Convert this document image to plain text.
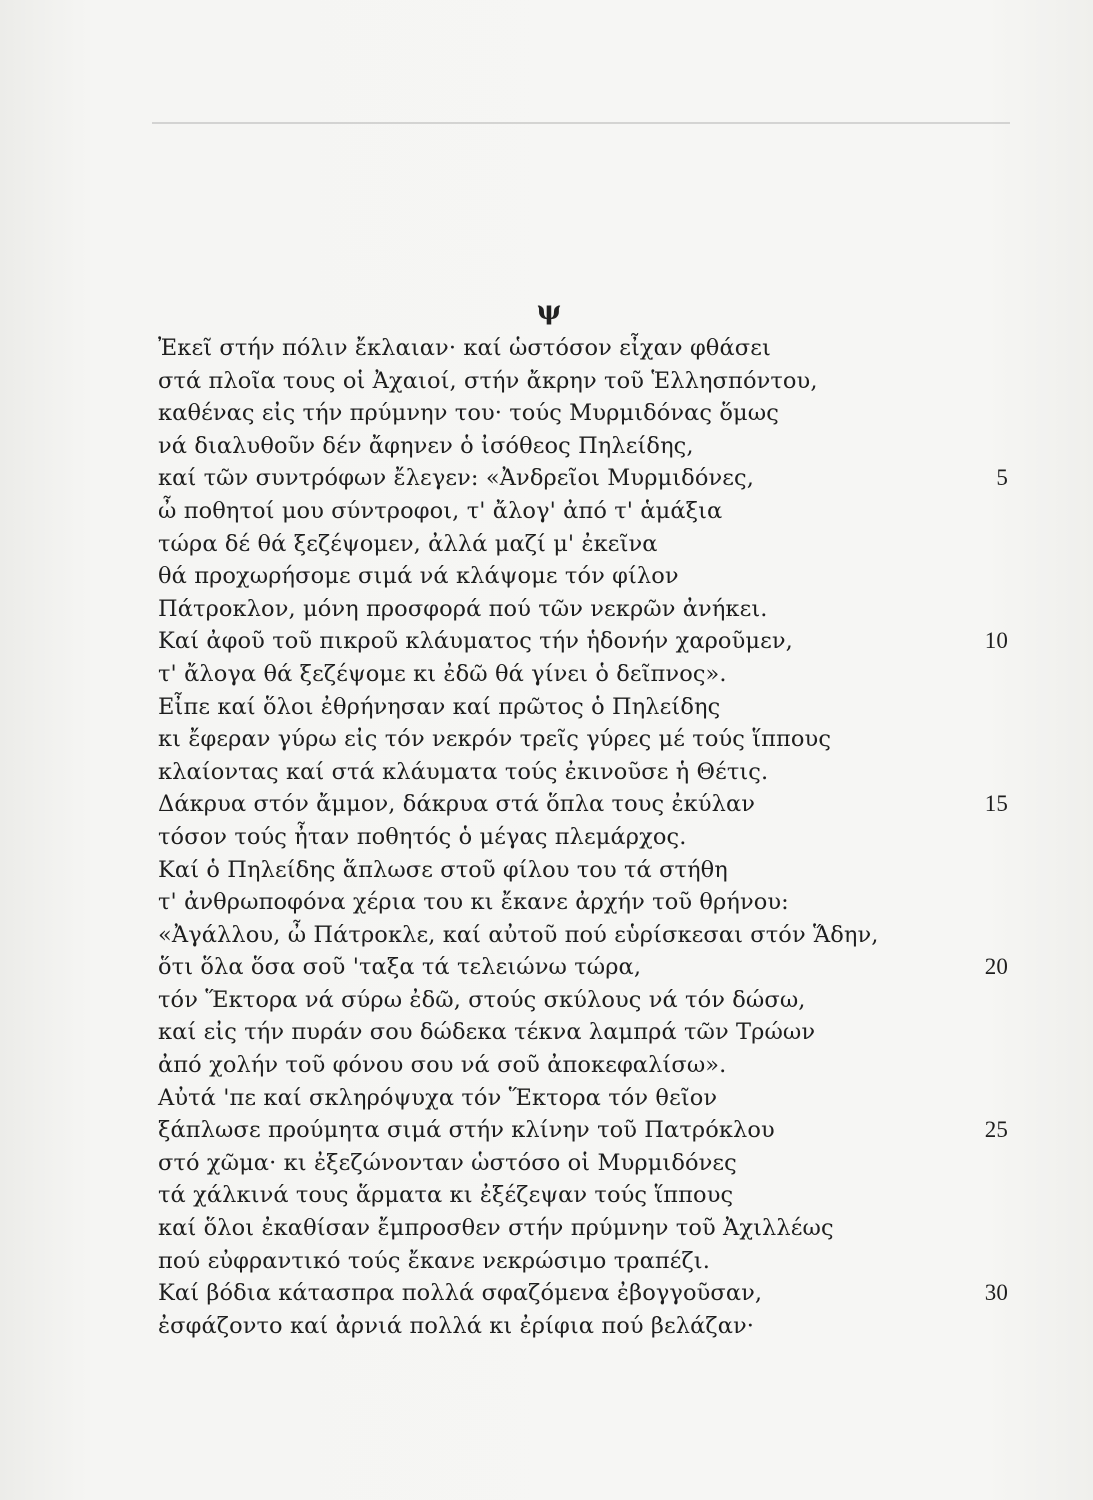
ψ
Ἐκεῖ στήν πόλιν ἔκλαιαν· καί ὡστόσον εἶχαν φθάσει
στά πλοῖα τους οἱ Ἀχαιοί, στήν ἄκρην τοῦ Ἑλλησπόντου,
καθένας εἰς τήν πρύμνην του· τούς Μυρμιδόνας ὅμως
νά διαλυθοῦν δέν ἄφηνεν ὁ ἰσόθεος Πηλείδης,
καί τῶν συντρόφων ἔλεγεν: «Ἀνδρεῖοι Μυρμιδόνες,	5
ὦ ποθητοί μου σύντροφοι, τ' ἄλογ' ἀπό τ' ἁμάξια
τώρα δέ θά ξεζέψομεν, ἀλλά μαζί μ' ἐκεῖνα
θά προχωρήσομε σιμά νά κλάψομε τόν φίλον
Πάτροκλον, μόνη προσφορά πού τῶν νεκρῶν ἀνήκει.
Καί ἀφοῦ τοῦ πικροῦ κλάυματος τήν ἡδονήν χαροῦμεν,	10
τ' ἄλογα θά ξεζέψομε κι ἐδῶ θά γίνει ὁ δεῖπνος».
Εἶπε καί ὅλοι ἐθρήνησαν καί πρῶτος ὁ Πηλείδης
κι ἔφεραν γύρω εἰς τόν νεκρόν τρεῖς γύρες μέ τούς ἵππους
κλαίοντας καί στά κλάυματα τούς ἐκινοῦσε ἡ Θέτις.
Δάκρυα στόν ἄμμον, δάκρυα στά ὅπλα τους ἐκύλαν	15
τόσον τούς ἦταν ποθητός ὁ μέγας πλεμάρχος.
Καί ὁ Πηλείδης ἅπλωσε στοῦ φίλου του τά στήθη
τ' ἀνθρωποφόνα χέρια του κι ἔκανε ἀρχήν τοῦ θρήνου:
«Ἀγάλλου, ὦ Πάτροκλε, καί αὐτοῦ πού εὑρίσκεσαι στόν Ἅδην,
ὅτι ὅλα ὅσα σοῦ 'ταξα τά τελειώνω τώρα,	20
τόν Ἕκτορα νά σύρω ἐδῶ, στούς σκύλους νά τόν δώσω,
καί εἰς τήν πυράν σου δώδεκα τέκνα λαμπρά τῶν Τρώων
ἀπό χολήν τοῦ φόνου σου νά σοῦ ἀποκεφαλίσω».
Αὐτά 'πε καί σκληρόψυχα τόν Ἕκτορα τόν θεῖον
ξάπλωσε προύμητα σιμά στήν κλίνην τοῦ Πατρόκλου	25
στό χῶμα· κι ἐξεζώνονταν ὡστόσο οἱ Μυρμιδόνες
τά χάλκινά τους ἅρματα κι ἐξέζεψαν τούς ἵππους
καί ὅλοι ἐκαθίσαν ἔμπροσθεν στήν πρύμνην τοῦ Ἀχιλλέως
πού εὐφραντικό τούς ἔκανε νεκρώσιμο τραπέζι.
Καί βόδια κάτασπρα πολλά σφαζόμενα ἐβογγοῦσαν,	30
ἐσφάζοντο καί ἀρνιά πολλά κι ἐρίφια πού βελάζαν·
